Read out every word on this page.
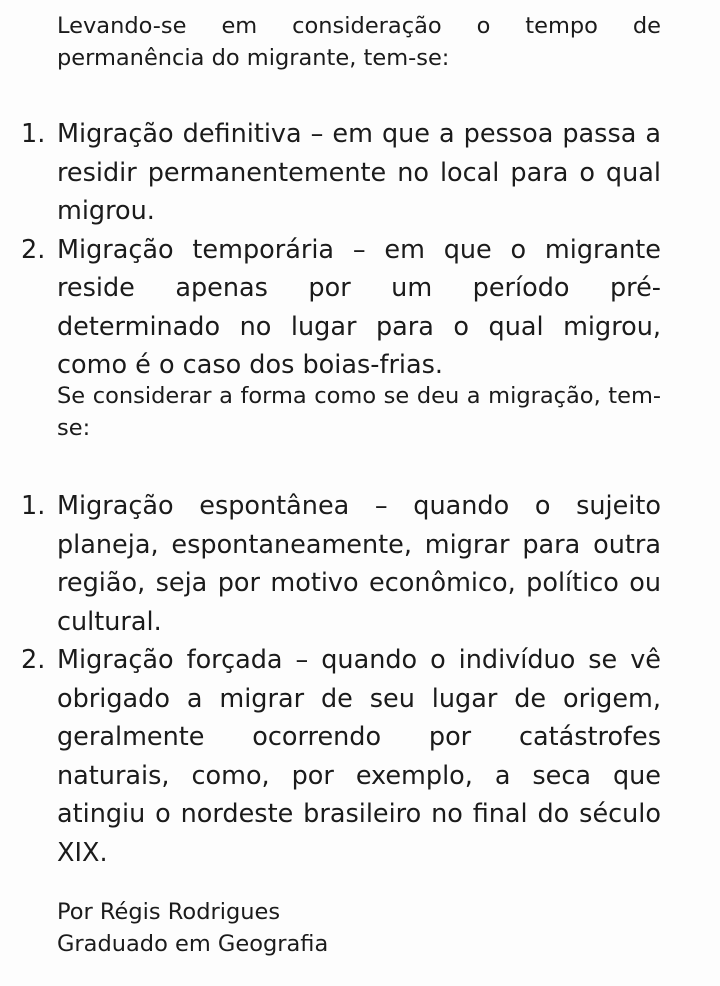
Levando-se em consideração o tempo de permanência do migrante, tem-se:

1. Migração definitiva – em que a pessoa passa a residir permanentemente no local para o qual migrou.
2. Migração temporária – em que o migrante reside apenas por um período pré-determinado no lugar para o qual migrou, como é o caso dos boias-frias.

Se considerar a forma como se deu a migração, tem-se:

1. Migração espontânea – quando o sujeito planeja, espontaneamente, migrar para outra região, seja por motivo econômico, político ou cultural.
2. Migração forçada – quando o indivíduo se vê obrigado a migrar de seu lugar de origem, geralmente ocorrendo por catástrofes naturais, como, por exemplo, a seca que atingiu o nordeste brasileiro no final do século XIX.

Por Régis Rodrigues

Graduado em Geografia
